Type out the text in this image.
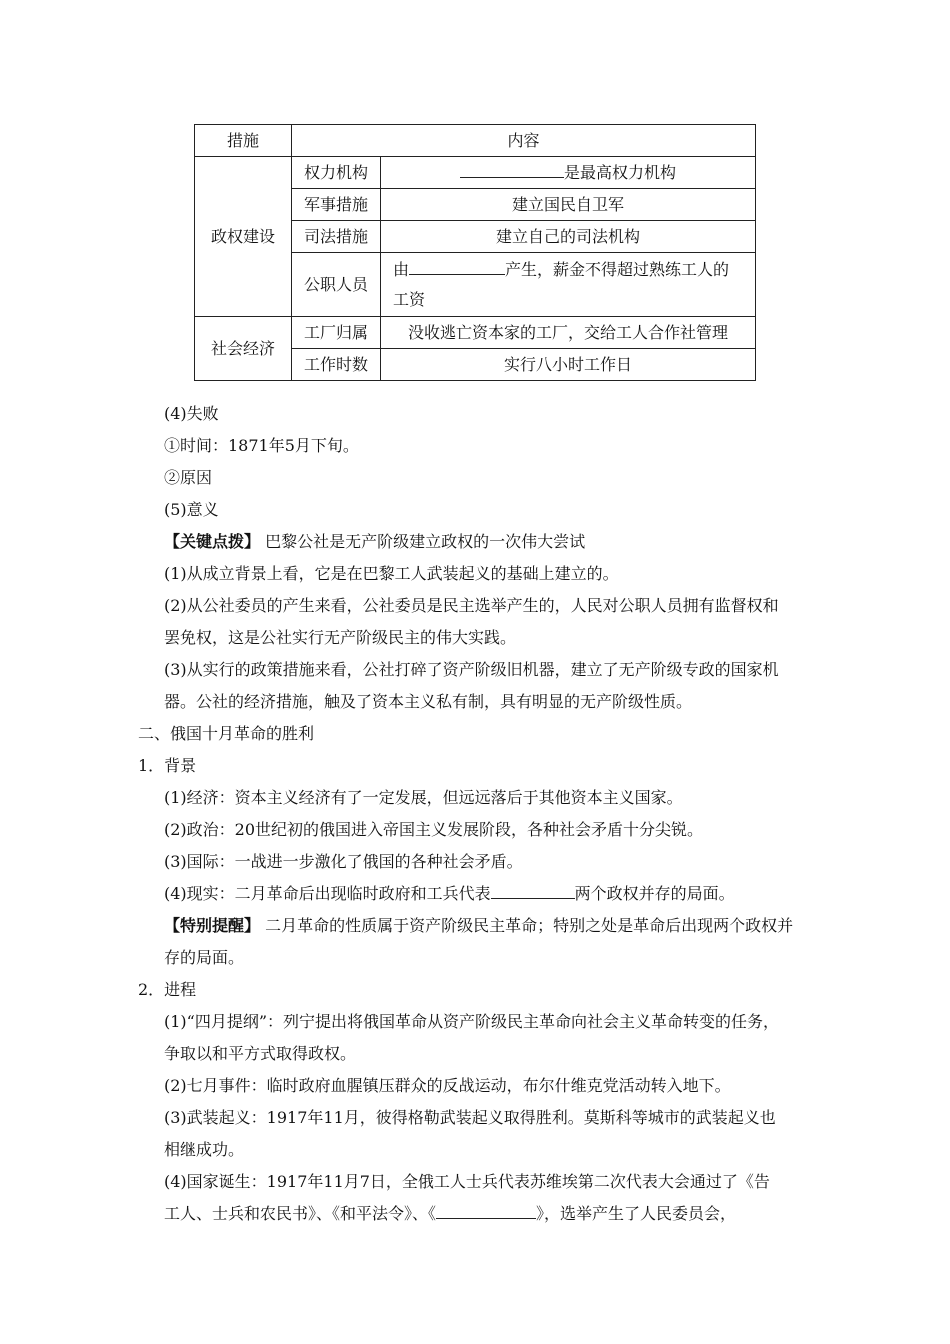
措施	内容	
政权建设	权力机构	是最高权力机构
	军事措施	建立国民自卫军
	司法措施	建立自己的司法机构
	公职人员	由 产生，薪金不得超过熟练工人的
工资
社会经济	工厂归属	没收逃亡资本家的工厂，交给工人合作社管理
	工作时数	实行八小时工作日

(4)失败

①时间：1871年5月下旬。

②原因

(5)意义

【关键点拨】 巴黎公社是无产阶级建立政权的一次伟大尝试

(1)从成立背景上看，它是在巴黎工人武装起义的基础上建立的。

(2)从公社委员的产生来看，公社委员是民主选举产生的，人民对公职人员拥有监督权和

罢免权，这是公社实行无产阶级民主的伟大实践。

(3)从实行的政策措施来看，公社打碎了资产阶级旧机器，建立了无产阶级专政的国家机

器。公社的经济措施，触及了资本主义私有制，具有明显的无产阶级性质。

二、俄国十月革命的胜利

1．背景

(1)经济：资本主义经济有了一定发展，但远远落后于其他资本主义国家。

(2)政治：20世纪初的俄国进入帝国主义发展阶段，各种社会矛盾十分尖锐。

(3)国际：一战进一步激化了俄国的各种社会矛盾。

(4)现实：二月革命后出现临时政府和工兵代表	两个政权并存的局面。

【特别提醒】 二月革命的性质属于资产阶级民主革命；特别之处是革命后出现两个政权并

存的局面。

2．进程

(1)“四月提纲”：列宁提出将俄国革命从资产阶级民主革命向社会主义革命转变的任务，

争取以和平方式取得政权。

(2)七月事件：临时政府血腥镇压群众的反战运动，布尔什维克党活动转入地下。

(3)武装起义：1917年11月，彼得格勒武装起义取得胜利。莫斯科等城市的武装起义也

相继成功。

(4)国家诞生：1917年11月7日，全俄工人士兵代表苏维埃第二次代表大会通过了《告

工人、士兵和农民书》、《和平法令》、《	》，选举产生了人民委员会，
